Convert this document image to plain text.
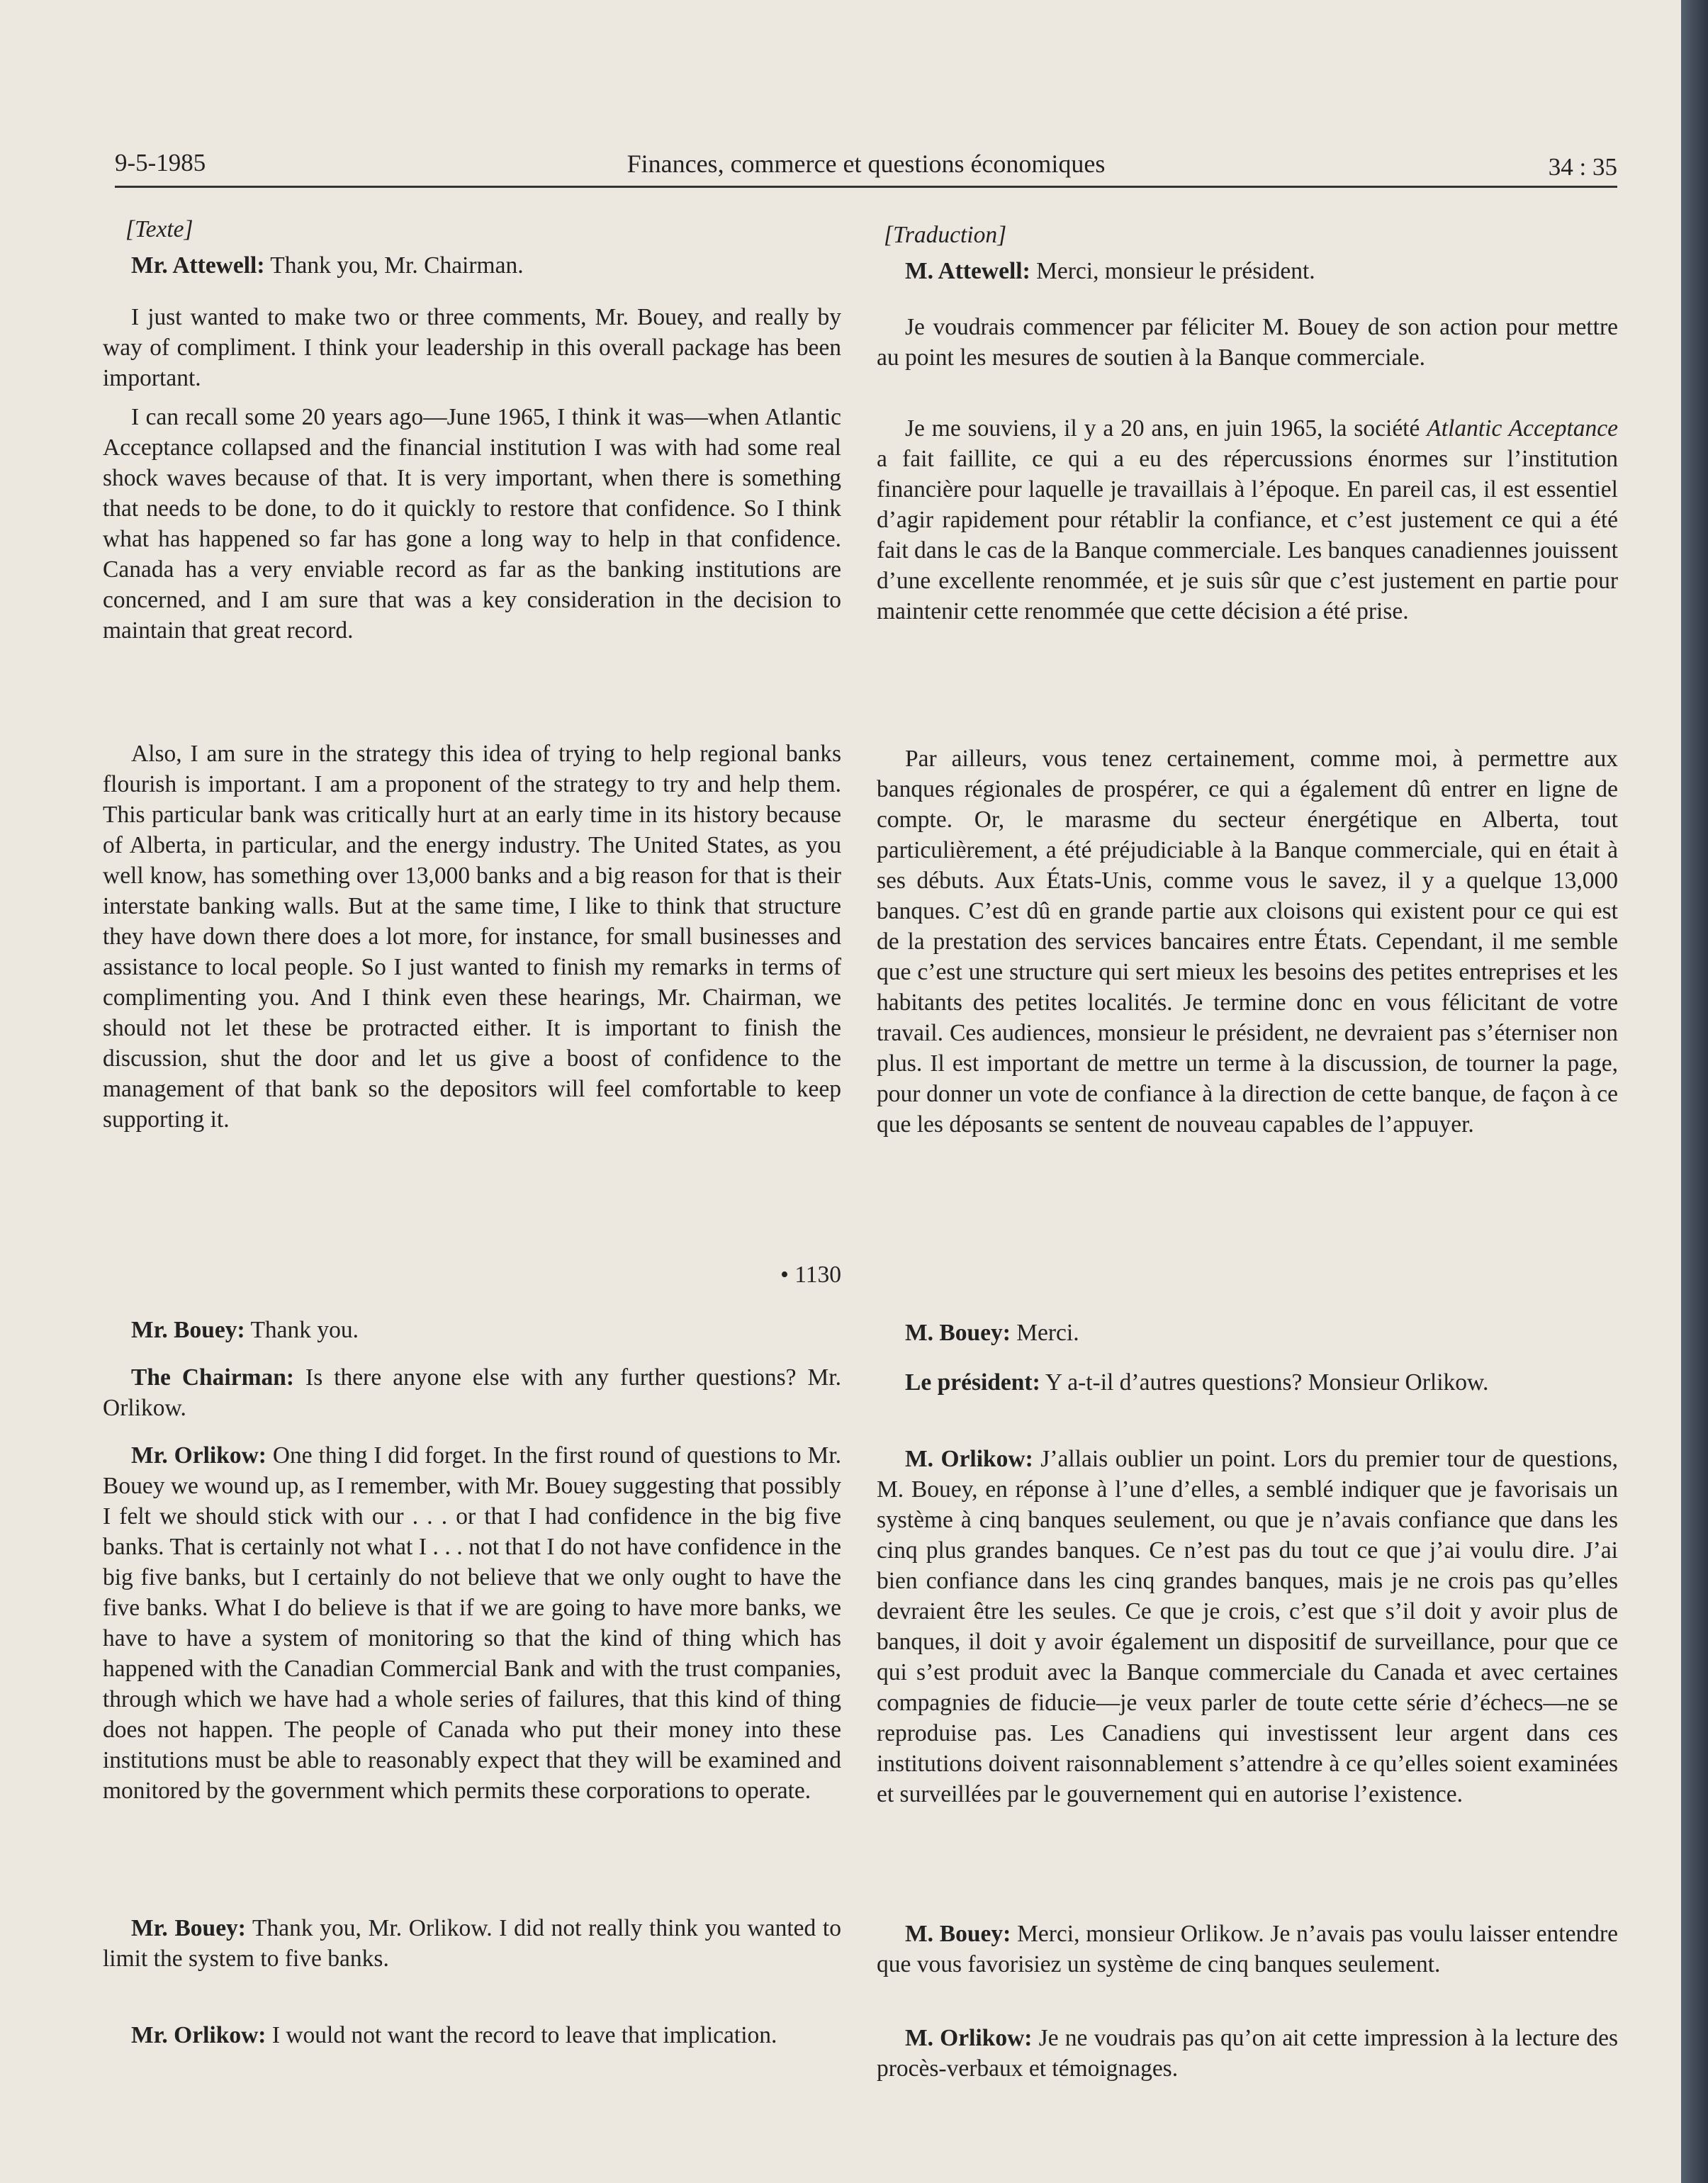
9-5-1985	Finances, commerce et questions économiques	34 : 35

[Texte]

Mr. Attewell: Thank you, Mr. Chairman.

I just wanted to make two or three comments, Mr. Bouey, and really by way of compliment. I think your leadership in this overall package has been important.

I can recall some 20 years ago—June 1965, I think it was—when Atlantic Acceptance collapsed and the financial institution I was with had some real shock waves because of that. It is very important, when there is something that needs to be done, to do it quickly to restore that confidence. So I think what has happened so far has gone a long way to help in that confidence. Canada has a very enviable record as far as the banking institutions are concerned, and I am sure that was a key consideration in the decision to maintain that great record.

Also, I am sure in the strategy this idea of trying to help regional banks flourish is important. I am a proponent of the strategy to try and help them. This particular bank was critically hurt at an early time in its history because of Alberta, in particular, and the energy industry. The United States, as you well know, has something over 13,000 banks and a big reason for that is their interstate banking walls. But at the same time, I like to think that structure they have down there does a lot more, for instance, for small businesses and assistance to local people. So I just wanted to finish my remarks in terms of complimenting you. And I think even these hearings, Mr. Chairman, we should not let these be protracted either. It is important to finish the discussion, shut the door and let us give a boost of confidence to the management of that bank so the depositors will feel comfortable to keep supporting it.

• 1130

Mr. Bouey: Thank you.

The Chairman: Is there anyone else with any further questions? Mr. Orlikow.

Mr. Orlikow: One thing I did forget. In the first round of questions to Mr. Bouey we wound up, as I remember, with Mr. Bouey suggesting that possibly I felt we should stick with our . . . or that I had confidence in the big five banks. That is certainly not what I . . . not that I do not have confidence in the big five banks, but I certainly do not believe that we only ought to have the five banks. What I do believe is that if we are going to have more banks, we have to have a system of monitoring so that the kind of thing which has happened with the Canadian Commercial Bank and with the trust companies, through which we have had a whole series of failures, that this kind of thing does not happen. The people of Canada who put their money into these institutions must be able to reasonably expect that they will be examined and monitored by the government which permits these corporations to operate.

Mr. Bouey: Thank you, Mr. Orlikow. I did not really think you wanted to limit the system to five banks.

Mr. Orlikow: I would not want the record to leave that implication.

[Traduction]

M. Attewell: Merci, monsieur le président.

Je voudrais commencer par féliciter M. Bouey de son action pour mettre au point les mesures de soutien à la Banque commerciale.

Je me souviens, il y a 20 ans, en juin 1965, la société Atlantic Acceptance a fait faillite, ce qui a eu des répercussions énormes sur l’institution financière pour laquelle je travaillais à l’époque. En pareil cas, il est essentiel d’agir rapidement pour rétablir la confiance, et c’est justement ce qui a été fait dans le cas de la Banque commerciale. Les banques canadiennes jouissent d’une excellente renommée, et je suis sûr que c’est justement en partie pour maintenir cette renommée que cette décision a été prise.

Par ailleurs, vous tenez certainement, comme moi, à permettre aux banques régionales de prospérer, ce qui a également dû entrer en ligne de compte. Or, le marasme du secteur énergétique en Alberta, tout particulièrement, a été préjudiciable à la Banque commerciale, qui en était à ses débuts. Aux États-Unis, comme vous le savez, il y a quelque 13,000 banques. C’est dû en grande partie aux cloisons qui existent pour ce qui est de la prestation des services bancaires entre États. Cependant, il me semble que c’est une structure qui sert mieux les besoins des petites entreprises et les habitants des petites localités. Je termine donc en vous félicitant de votre travail. Ces audiences, monsieur le président, ne devraient pas s’éterniser non plus. Il est important de mettre un terme à la discussion, de tourner la page, pour donner un vote de confiance à la direction de cette banque, de façon à ce que les déposants se sentent de nouveau capables de l’appuyer.

M. Bouey: Merci.

Le président: Y a-t-il d’autres questions? Monsieur Orlikow.

M. Orlikow: J’allais oublier un point. Lors du premier tour de questions, M. Bouey, en réponse à l’une d’elles, a semblé indiquer que je favorisais un système à cinq banques seulement, ou que je n’avais confiance que dans les cinq plus grandes banques. Ce n’est pas du tout ce que j’ai voulu dire. J’ai bien confiance dans les cinq grandes banques, mais je ne crois pas qu’elles devraient être les seules. Ce que je crois, c’est que s’il doit y avoir plus de banques, il doit y avoir également un dispositif de surveillance, pour que ce qui s’est produit avec la Banque commerciale du Canada et avec certaines compagnies de fiducie—je veux parler de toute cette série d’échecs—ne se reproduise pas. Les Canadiens qui investissent leur argent dans ces institutions doivent raisonnablement s’attendre à ce qu’elles soient examinées et surveillées par le gouvernement qui en autorise l’existence.

M. Bouey: Merci, monsieur Orlikow. Je n’avais pas voulu laisser entendre que vous favorisiez un système de cinq banques seulement.

M. Orlikow: Je ne voudrais pas qu’on ait cette impression à la lecture des procès-verbaux et témoignages.
